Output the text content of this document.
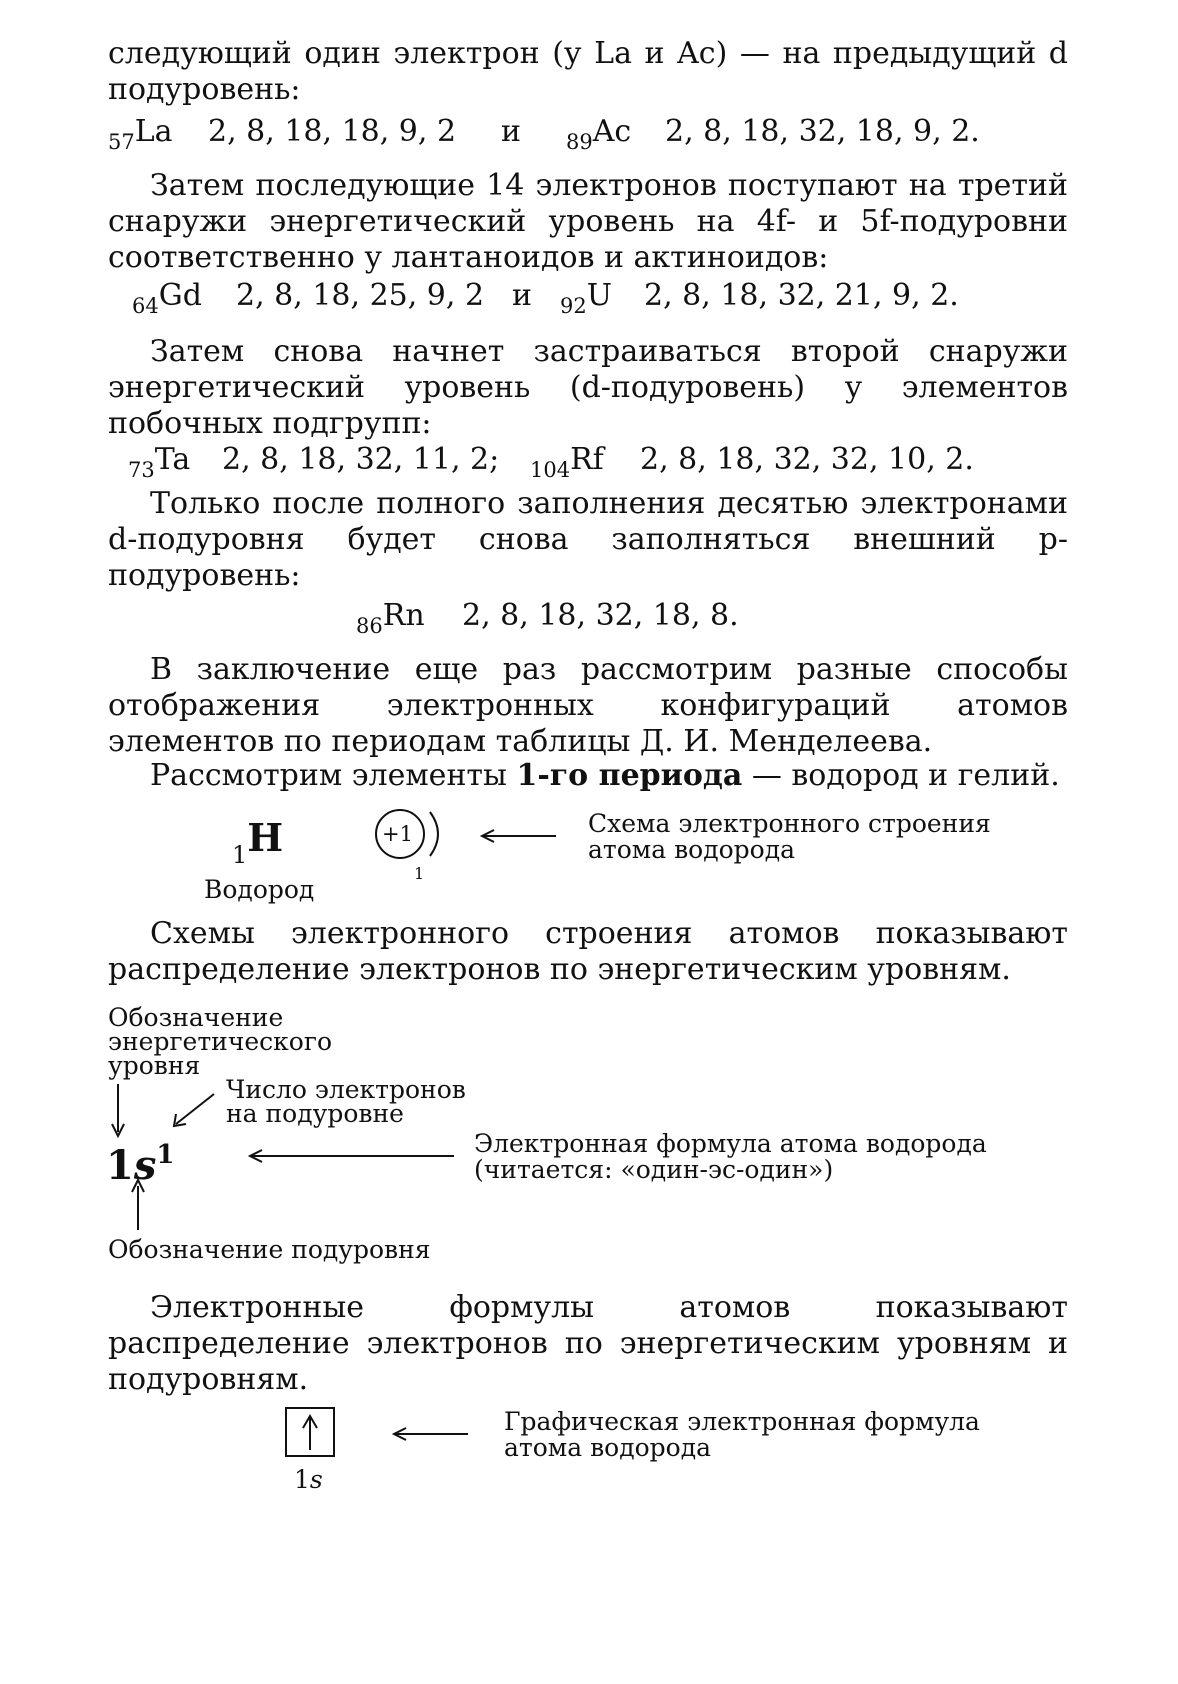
следующий один электрон (у La и Ac) — на предыдущий d подуровень:

$_{57}$La 2, 8, 18, 18, 9, 2 и $_{89}$Ac 2, 8, 18, 32, 18, 9, 2.

Затем последующие 14 электронов поступают на третий снаружи энергетический уровень на 4f- и 5f-подуровни соответственно у лантаноидов и актиноидов:

$_{64}$Gd 2, 8, 18, 25, 9, 2 и $_{92}$U 2, 8, 18, 32, 21, 9, 2.

Затем снова начнет застраиваться второй снаружи энергетический уровень (d-подуровень) у элементов побочных подгрупп:

$_{73}$Ta 2, 8, 18, 32, 11, 2; $_{104}$Rf 2, 8, 18, 32, 32, 10, 2.

Только после полного заполнения десятью электронами d-подуровня будет снова заполняться внешний p-подуровень:

$_{86}$Rn 2, 8, 18, 32, 18, 8.

В заключение еще раз рассмотрим разные способы отображения электронных конфигураций атомов элементов по периодам таблицы Д. И. Менделеева.

Рассмотрим элементы 1-го периода — водород и гелий.

$_1$H
Водород
+1
1
Схема электронного строения
атома водорода

Схемы электронного строения атомов показывают распределение электронов по энергетическим уровням.

Обозначение
энергетического
уровня
Число электронов
на подуровне
$1s^1$	Электронная формула атома водорода
(читается: «один-эс-один»)
Обозначение подуровня

Электронные формулы атомов показывают распределение электронов по энергетическим уровням и подуровням.

1s
Графическая электронная формула
атома водорода
